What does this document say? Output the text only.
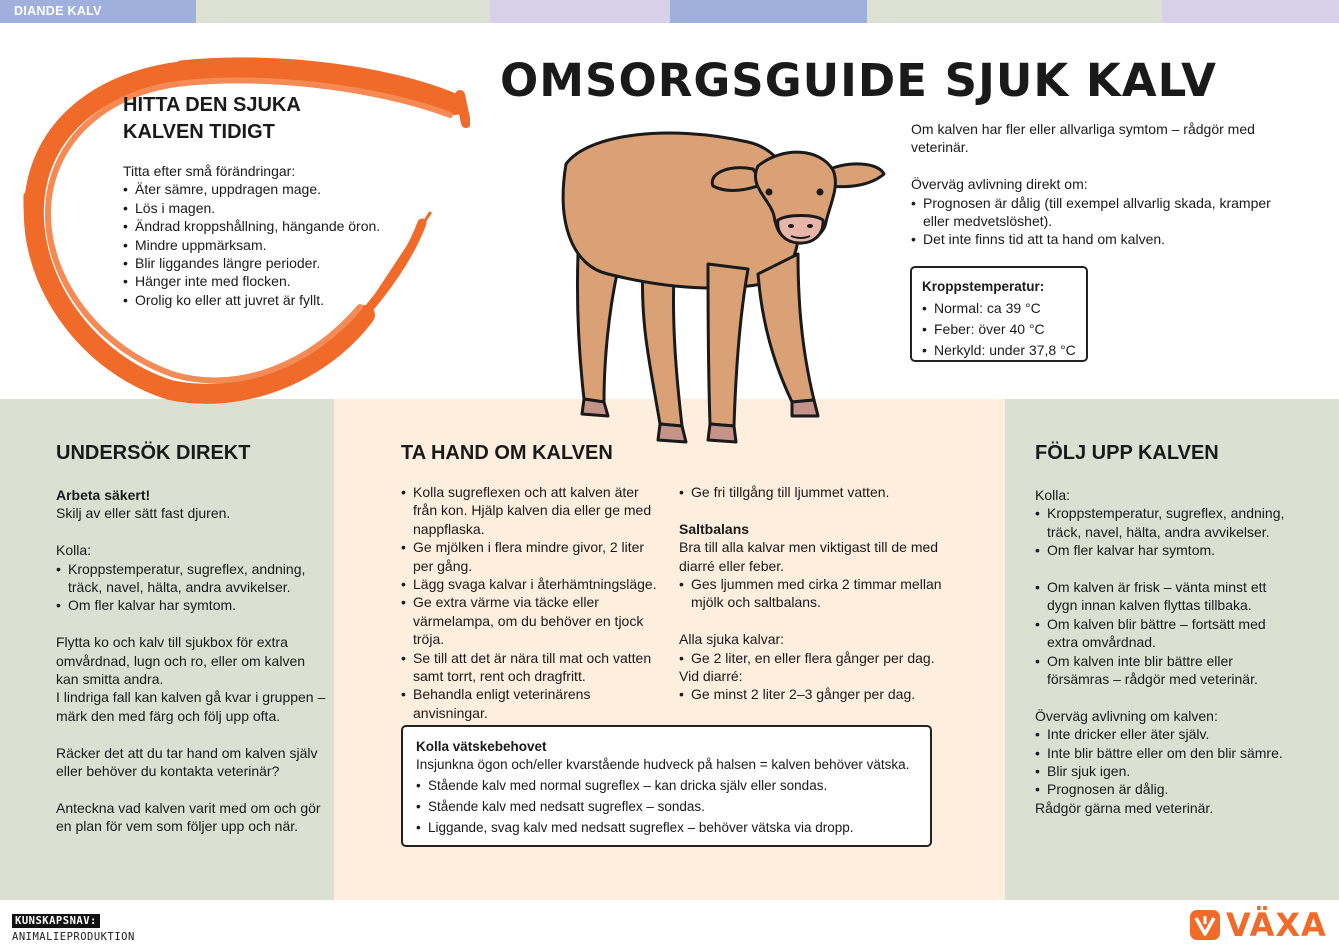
DIANDE KALV
HITTA DEN SJUKA
KALVEN TIDIGT

Titta efter små förändringar:

• Äter sämre, uppdragen mage.
• Lös i magen.
• Ändrad kroppshållning, hängande öron.
• Mindre uppmärksam.
• Blir liggandes längre perioder.
• Hänger inte med flocken.
• Orolig ko eller att juvret är fyllt.
OMSORGSGUIDE SJUK KALV

Om kalven har fler eller allvarliga symtom – rådgör med veterinär.

Överväg avlivning direkt om:

• Prognosen är dålig (till exempel allvarlig skada, kramper eller medvetslöshet).
• Det inte finns tid att ta hand om kalven.
Kroppstemperatur:
• Normal: ca 39 °C
• Feber: över 40 °C
• Nerkyld: under 37,8 °C
UNDERSÖK DIREKT

Arbeta säkert!

Skilj av eller sätt fast djuren.

Kolla:

• Kroppstemperatur, sugreflex, andning, träck, navel, hälta, andra avvikelser.
• Om fler kalvar har symtom.

Flytta ko och kalv till sjukbox för extra omvårdnad, lugn och ro, eller om kalven kan smitta andra.

I lindriga fall kan kalven gå kvar i gruppen – märk den med färg och följ upp ofta.

Räcker det att du tar hand om kalven själv eller behöver du kontakta veterinär?

Anteckna vad kalven varit med om och gör en plan för vem som följer upp och när.

TA HAND OM KALVEN
• Kolla sugreflexen och att kalven äter från kon. Hjälp kalven dia eller ge med nappflaska.
• Ge mjölken i flera mindre givor, 2 liter per gång.
• Lägg svaga kalvar i återhämtningsläge.
• Ge extra värme via täcke eller värmelampa, om du behöver en tjock tröja.
• Se till att det är nära till mat och vatten samt torrt, rent och dragfritt.
• Behandla enligt veterinärens anvisningar.
• Ge fri tillgång till ljummet vatten.

Saltbalans

Bra till alla kalvar men viktigast till de med diarré eller feber.

• Ges ljummen med cirka 2 timmar mellan mjölk och saltbalans.

Alla sjuka kalvar:

• Ge 2 liter, en eller flera gånger per dag.

Vid diarré:

• Ge minst 2 liter 2–3 gånger per dag.
Kolla vätskebehovet
Insjunkna ögon och/eller kvarstående hudveck på halsen = kalven behöver vätska.
• Stående kalv med normal sugreflex – kan dricka själv eller sondas.
• Stående kalv med nedsatt sugreflex – sondas.
• Liggande, svag kalv med nedsatt sugreflex – behöver vätska via dropp.
FÖLJ UPP KALVEN

Kolla:

• Kroppstemperatur, sugreflex, andning, träck, navel, hälta, andra avvikelser.
• Om fler kalvar har symtom.
• Om kalven är frisk – vänta minst ett dygn innan kalven flyttas tillbaka.
• Om kalven blir bättre – fortsätt med extra omvårdnad.
• Om kalven inte blir bättre eller försämras – rådgör med veterinär.

Överväg avlivning om kalven:

• Inte dricker eller äter själv.
• Inte blir bättre eller om den blir sämre.
• Blir sjuk igen.
• Prognosen är dålig.

Rådgör gärna med veterinär.

KUNSKAPSNAV:
ANIMALIEPRODUKTION	VÄXA
